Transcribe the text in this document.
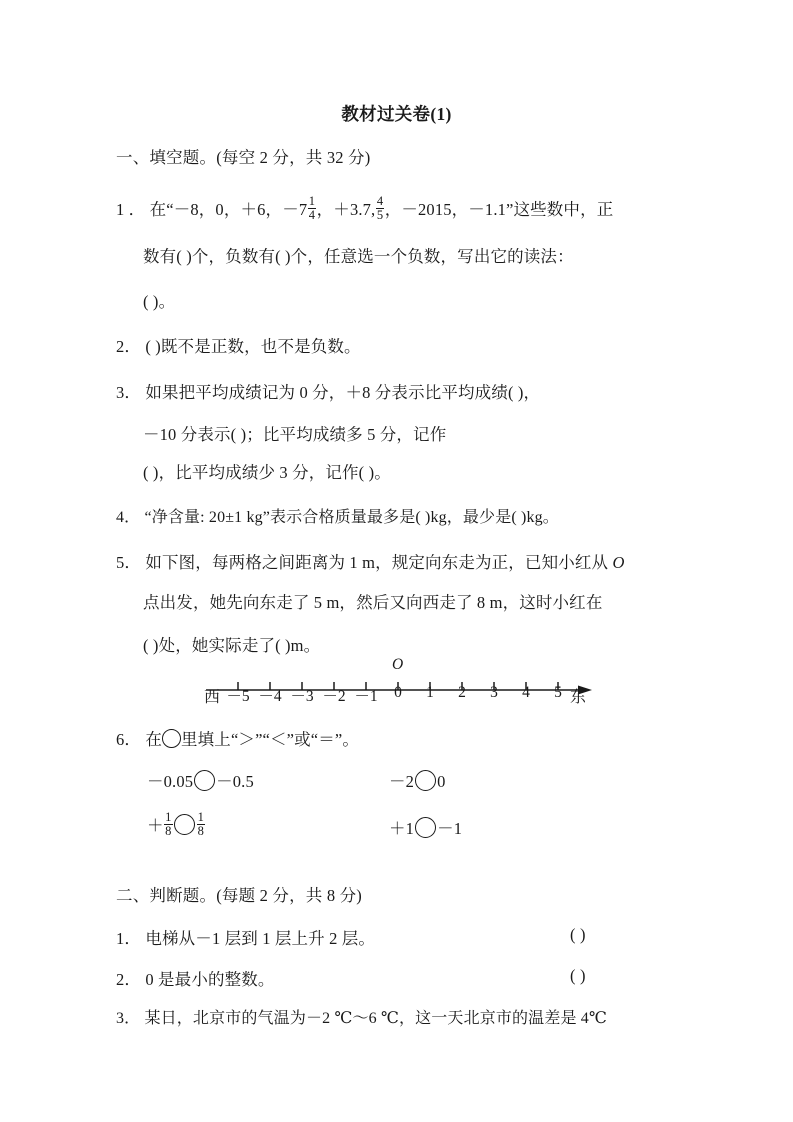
教材过关卷(1)
一、填空题。(每空 2 分，共 32 分)
1 ． 在“－8，0，＋6，$-7 \frac{1}{4}$ ，＋3.7, $\frac{4}{5}$ ，－2015，－1.1”这些数中，正
数有( )个，负数有( )个，任意选一个负数，写出它的读法：
( )。
2． ( )既不是正数，也不是负数。
3． 如果把平均成绩记为 0 分，＋8 分表示比平均成绩( )，
－10 分表示( )；比平均成绩多 5 分，记作
( )，比平均成绩少 3 分，记作( )。
4． “净含量: 20±1 kg”表示合格质量最多是( )kg，最少是( )kg。
5． 如下图，每两格之间距离为 1 m，规定向东走为正，已知小红从 O
点出发，她先向东走了 5 m，然后又向西走了 8 m，这时小红在
( )处，她实际走了( )m。
O
西 －5 －4 －3 －2 －1	0	1	2	3	4	5 东
6． 在 里填上“＞”“＜”或“＝”。
－0.05 －0.5	－2 0
＋ $\frac{1}{8} \frac{1}{8}$	＋1 －1
二、判断题。(每题 2 分，共 8 分)
1． 电梯从－1 层到 1 层上升 2 层。	( )
2． 0 是最小的整数。	( )
3． 某日，北京市的气温为－2 ℃～6 ℃，这一天北京市的温差是 4℃
